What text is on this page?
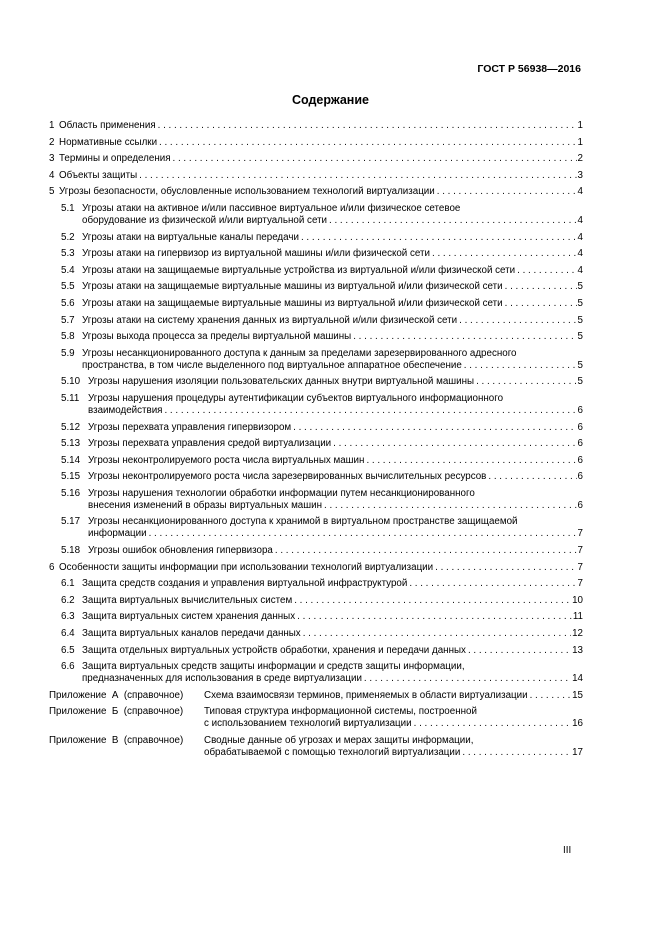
ГОСТ Р 56938—2016
Содержание
1 Область применения . . .	1
2 Нормативные ссылки . . .	1
3 Термины и определения . . .	2
4 Объекты защиты . . .	3
5 Угрозы безопасности, обусловленные использованием технологий виртуализации . . .	4
5.1 Угрозы атаки на активное и/или пассивное виртуальное и/или физическое сетевое
оборудование из физической и/или виртуальной сети . . .	4
5.2 Угрозы атаки на виртуальные каналы передачи . . .	4
5.3 Угрозы атаки на гипервизор из виртуальной машины и/или физической сети . . .	4
5.4 Угрозы атаки на защищаемые виртуальные устройства из виртуальной и/или физической сети . . .	4
5.5 Угрозы атаки на защищаемые виртуальные машины из виртуальной и/или физической сети . . .	5
5.6 Угрозы атаки на защищаемые виртуальные машины из виртуальной и/или физической сети . . .	5
5.7 Угрозы атаки на систему хранения данных из виртуальной и/или физической сети . . .	5
5.8 Угрозы выхода процесса за пределы виртуальной машины . . .	5
5.9 Угрозы несанкционированного доступа к данным за пределами зарезервированного адресного
пространства, в том числе выделенного под виртуальное аппаратное обеспечение . . .	5
5.10 Угрозы нарушения изоляции пользовательских данных внутри виртуальной машины . . .	5
5.11 Угрозы нарушения процедуры аутентификации субъектов виртуального информационного
взаимодействия . . .	6
5.12 Угрозы перехвата управления гипервизором . . .	6
5.13 Угрозы перехвата управления средой виртуализации . . .	6
5.14 Угрозы неконтролируемого роста числа виртуальных машин . . .	6
5.15 Угрозы неконтролируемого роста числа зарезервированных вычислительных ресурсов . . .	6
5.16 Угрозы нарушения технологии обработки информации путем несанкционированного
внесения изменений в образы виртуальных машин . . .	6
5.17 Угрозы несанкционированного доступа к хранимой в виртуальном пространстве защищаемой
информации . . .	7
5.18 Угрозы ошибок обновления гипервизора . . .	7
6 Особенности защиты информации при использовании технологий виртуализации . . .	7
6.1 Защита средств создания и управления виртуальной инфраструктурой . . .	7
6.2 Защита виртуальных вычислительных систем . . .	10
6.3 Защита виртуальных систем хранения данных . . .	11
6.4 Защита виртуальных каналов передачи данных . . .	12
6.5 Защита отдельных виртуальных устройств обработки, хранения и передачи данных . . .	13
6.6 Защита виртуальных средств защиты информации и средств защиты информации,
предназначенных для использования в среде виртуализации . . .	14
Приложение  А  (справочное) Схема взаимосвязи терминов, применяемых в области виртуализации . . .	15
Приложение  Б  (справочное) Типовая структура информационной системы, построенной
с использованием технологий виртуализации . . .	16
Приложение  В  (справочное) Сводные данные об угрозах и мерах защиты информации,
обрабатываемой с помощью технологий виртуализации . . .	17
III
